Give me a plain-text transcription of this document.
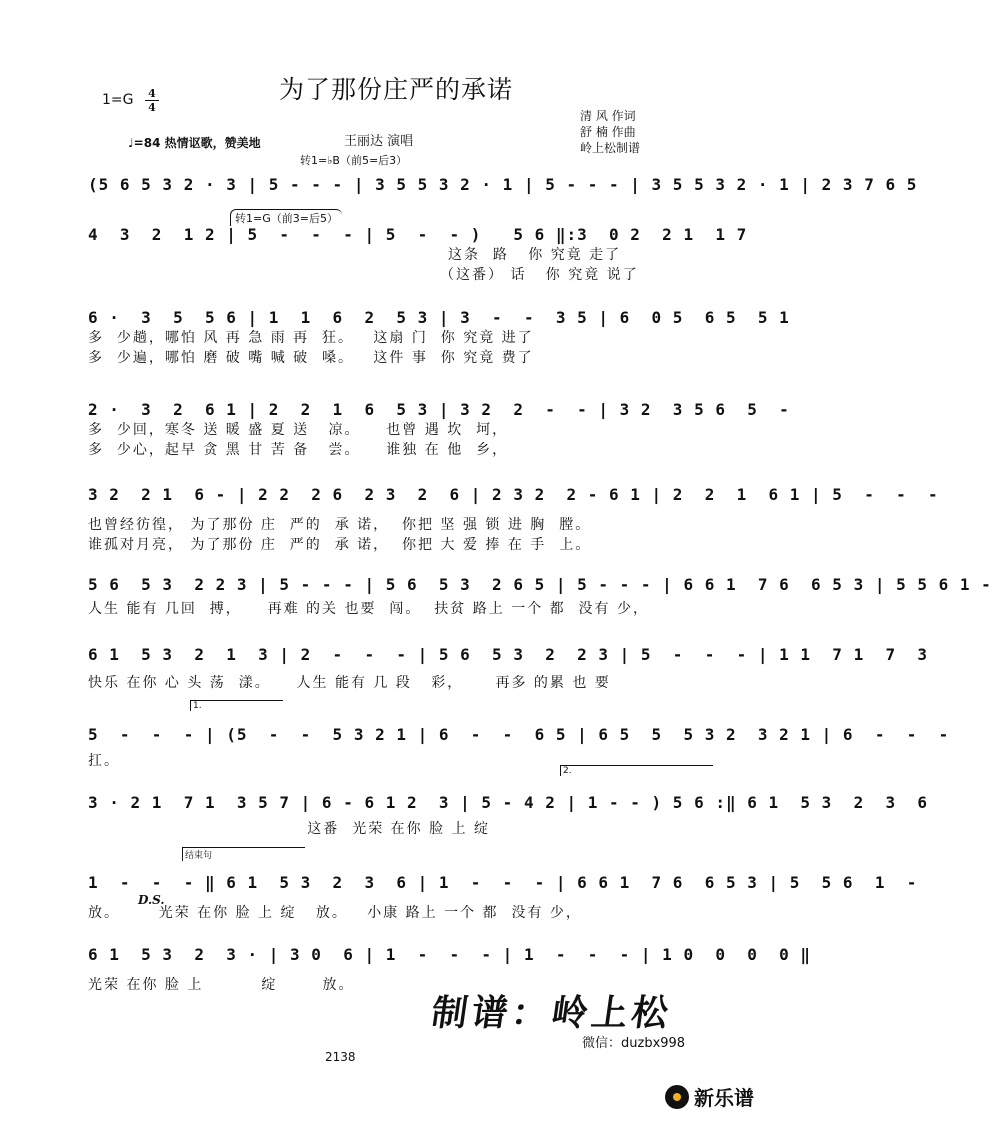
为了那份庄严的承诺
1=G 4
4
♩=84 热情讴歌，赞美地	王丽达 演唱
清 风 作词
舒 楠 作曲
岭上松制谱
转1=♭B（前5=后3）
转1=G（前3=后5）
(5 6 5 3 2 · 3 | 5 - - - | 3 5 5 3 2 · 1 | 5 - - - | 3 5 5 3 2 · 1 | 2 3 7 6 5
4  3  2  1 2 | 5  -  -  - | 5  -  - )   5 6 ‖:3  0 2  2 1  1 7
这条  路   你 究竟 走了
（这番） 话   你 究竟 说了
6 ·  3  5  5 6 | 1  1  6  2  5 3 | 3  -  -  3 5 | 6  0 5  6 5  5 1
多  少趟，哪怕 风 再 急 雨 再  狂。   这扇 门  你 究竟 进了
多  少遍，哪怕 磨 破 嘴 喊 破  嗓。   这件 事  你 究竟 费了
2 ·  3  2  6 1 | 2  2  1  6  5 3 | 3 2  2  -  - | 3 2  3 5 6  5  -
多  少回，寒冬 送 暖 盛 夏 送   凉。    也曾 遇 坎  坷，
多  少心，起早 贪 黑 甘 苦 备   尝。    谁独 在 他  乡，
3 2  2 1  6 - | 2 2  2 6  2 3  2  6 | 2 3 2  2 - 6 1 | 2  2  1  6 1 | 5  -  -  -
也曾经彷徨， 为了那份 庄  严的  承 诺，  你把 坚 强 锁 进 胸  膛。
谁孤对月亮， 为了那份 庄  严的  承 诺，  你把 大 爱 捧 在 手  上。
5 6  5 3  2 2 3 | 5 - - - | 5 6  5 3  2 6 5 | 5 - - - | 6 6 1  7 6  6 5 3 | 5 5 6 1 -
人生 能有 几回  搏，    再难 的关 也要  闯。  扶贫 路上 一个 都  没有 少，
6 1  5 3  2  1  3 | 2  -  -  - | 5 6  5 3  2  2 3 | 5  -  -  - | 1 1  7 1  7  3
快乐 在你 心 头 荡  漾。    人生 能有 几 段   彩，     再多 的累 也 要
1.
5  -  -  - | (5  -  -  5 3 2 1 | 6  -  -  6 5 | 6 5  5  5 3 2  3 2 1 | 6  -  -  -
扛。
2.
3 · 2 1  7 1  3 5 7 | 6 - 6 1 2  3 | 5 - 4 2 | 1 - - ) 5 6 :‖ 6 1  5 3  2  3  6
这番  光荣 在你 脸 上 绽
结束句
1  -  -  - ‖ 6 1  5 3  2  3  6 | 1  -  -  - | 6 6 1  7 6  6 5 3 | 5  5 6  1  -
放。      光荣 在你 脸 上 绽   放。   小康 路上 一个 都  没有 少，
D.S.
6 1  5 3  2  3 · | 3 0  6 | 1  -  -  - | 1  -  -  - | 1 0  0  0  0 ‖
光荣 在你 脸 上         绽       放。
制谱：岭上松
微信：duzbx998
2138
新乐谱
